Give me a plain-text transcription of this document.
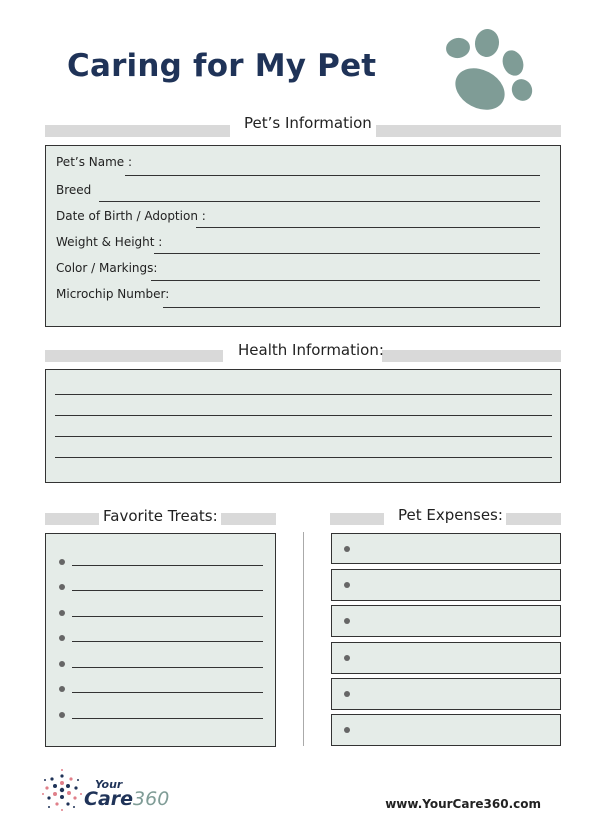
Caring for My Pet
Pet’s Information
Pet’s Name :
Breed
Date of Birth / Adoption :
Weight & Height :
Color / Markings:
Microchip Number:
Health Information:
Favorite Treats:	Pet Expenses:
Your
Care360	www.YourCare360.com
